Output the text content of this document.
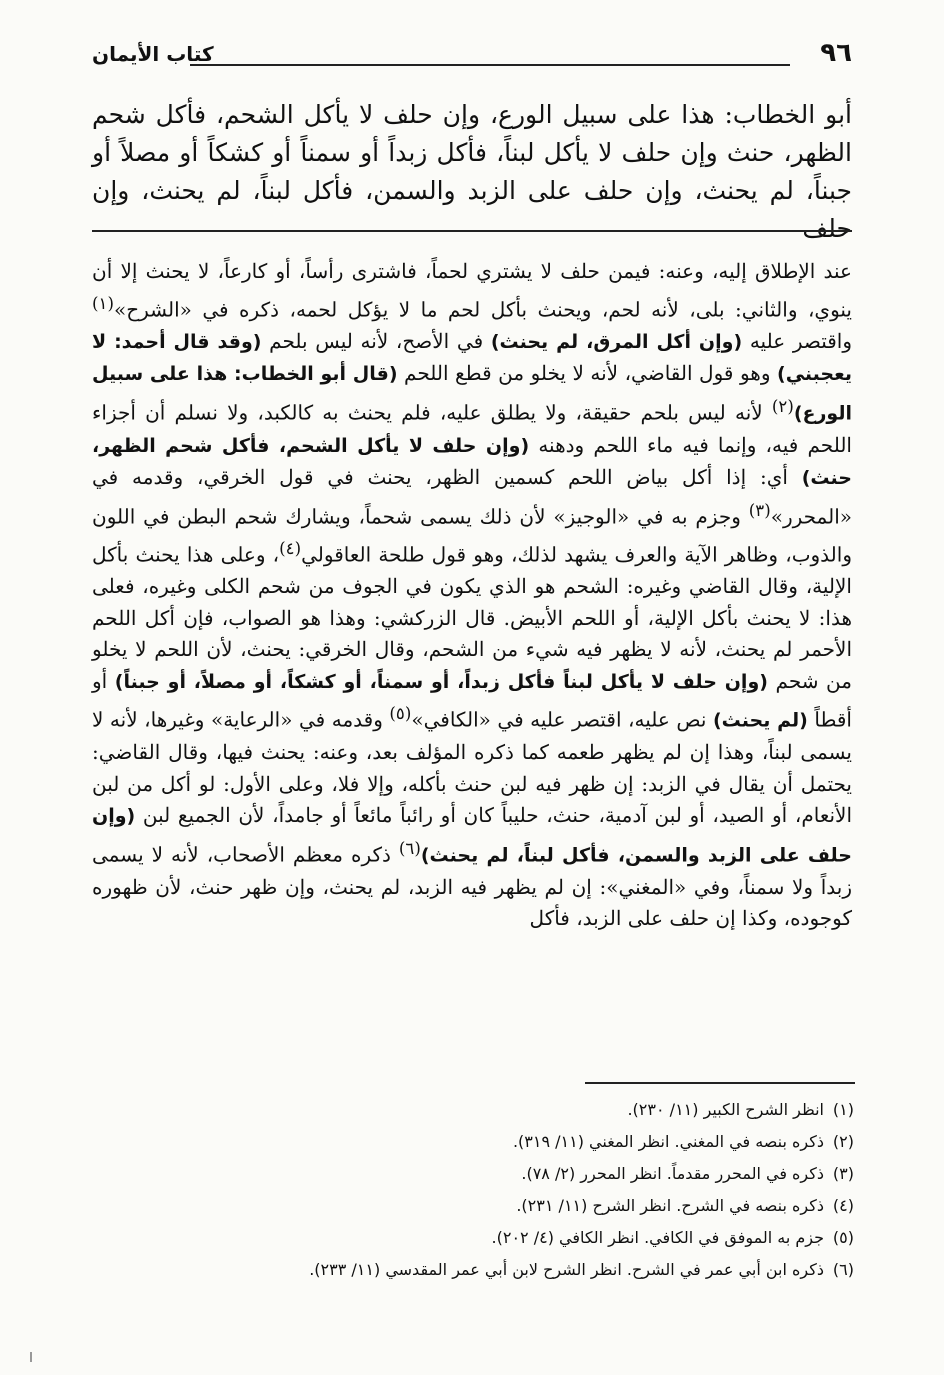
٩٦
كتاب الأيمان
أبو الخطاب: هذا على سبيل الورع، وإن حلف لا يأكل الشحم، فأكل شحم الظهر، حنث وإن حلف لا يأكل لبناً، فأكل زبداً أو سمناً أو كشكاً أو مصلاً أو جبناً، لم يحنث، وإن حلف على الزبد والسمن، فأكل لبناً، لم يحنث، وإن حلف
عند الإطلاق إليه، وعنه: فيمن حلف لا يشتري لحماً، فاشترى رأساً، أو كارعاً، لا يحنث إلا أن ينوي، والثاني: بلى، لأنه لحم، ويحنث بأكل لحم ما لا يؤكل لحمه، ذكره في «الشرح»$^{(١)}$ واقتصر عليه (وإن أكل المرق، لم يحنث) في الأصح، لأنه ليس بلحم (وقد قال أحمد: لا يعجبني) وهو قول القاضي، لأنه لا يخلو من قطع اللحم (قال أبو الخطاب: هذا على سبيل الورع)$^{(٢)}$ لأنه ليس بلحم حقيقة، ولا يطلق عليه، فلم يحنث به كالكبد، ولا نسلم أن أجزاء اللحم فيه، وإنما فيه ماء اللحم ودهنه (وإن حلف لا يأكل الشحم، فأكل شحم الظهر، حنث) أي: إذا أكل بياض اللحم كسمين الظهر، يحنث في قول الخرقي، وقدمه في «المحرر»$^{(٣)}$ وجزم به في «الوجيز» لأن ذلك يسمى شحماً، ويشارك شحم البطن في اللون والذوب، وظاهر الآية والعرف يشهد لذلك، وهو قول طلحة العاقولي$^{(٤)}$، وعلى هذا يحنث بأكل الإلية، وقال القاضي وغيره: الشحم هو الذي يكون في الجوف من شحم الكلى وغيره، فعلى هذا: لا يحنث بأكل الإلية، أو اللحم الأبيض. قال الزركشي: وهذا هو الصواب، فإن أكل اللحم الأحمر لم يحنث، لأنه لا يظهر فيه شيء من الشحم، وقال الخرقي: يحنث، لأن اللحم لا يخلو من شحم (وإن حلف لا يأكل لبناً فأكل زبداً، أو سمناً، أو كشكاً، أو مصلاً، أو جبناً) أو أقطاً (لم يحنث) نص عليه، اقتصر عليه في «الكافي»$^{(٥)}$ وقدمه في «الرعاية» وغيرها، لأنه لا يسمى لبناً، وهذا إن لم يظهر طعمه كما ذكره المؤلف بعد، وعنه: يحنث فيها، وقال القاضي: يحتمل أن يقال في الزبد: إن ظهر فيه لبن حنث بأكله، وإلا فلا، وعلى الأول: لو أكل من لبن الأنعام، أو الصيد، أو لبن آدمية، حنث، حليباً كان أو رائباً مائعاً أو جامداً، لأن الجميع لبن (وإن حلف على الزبد والسمن، فأكل لبناً، لم يحنث)$^{(٦)}$ ذكره معظم الأصحاب، لأنه لا يسمى زبداً ولا سمناً، وفي «المغني»: إن لم يظهر فيه الزبد، لم يحنث، وإن ظهر حنث، لأن ظهوره كوجوده، وكذا إن حلف على الزبد، فأكل
(١)انظر الشرح الكبير (١١/ ٢٣٠).
(٢)ذكره بنصه في المغني. انظر المغني (١١/ ٣١٩).
(٣)ذكره في المحرر مقدماً. انظر المحرر (٢/ ٧٨).
(٤)ذكره بنصه في الشرح. انظر الشرح (١١/ ٢٣١).
(٥)جزم به الموفق في الكافي. انظر الكافي (٤/ ٢٠٢).
(٦)ذكره ابن أبي عمر في الشرح. انظر الشرح لابن أبي عمر المقدسي (١١/ ٢٣٣).
